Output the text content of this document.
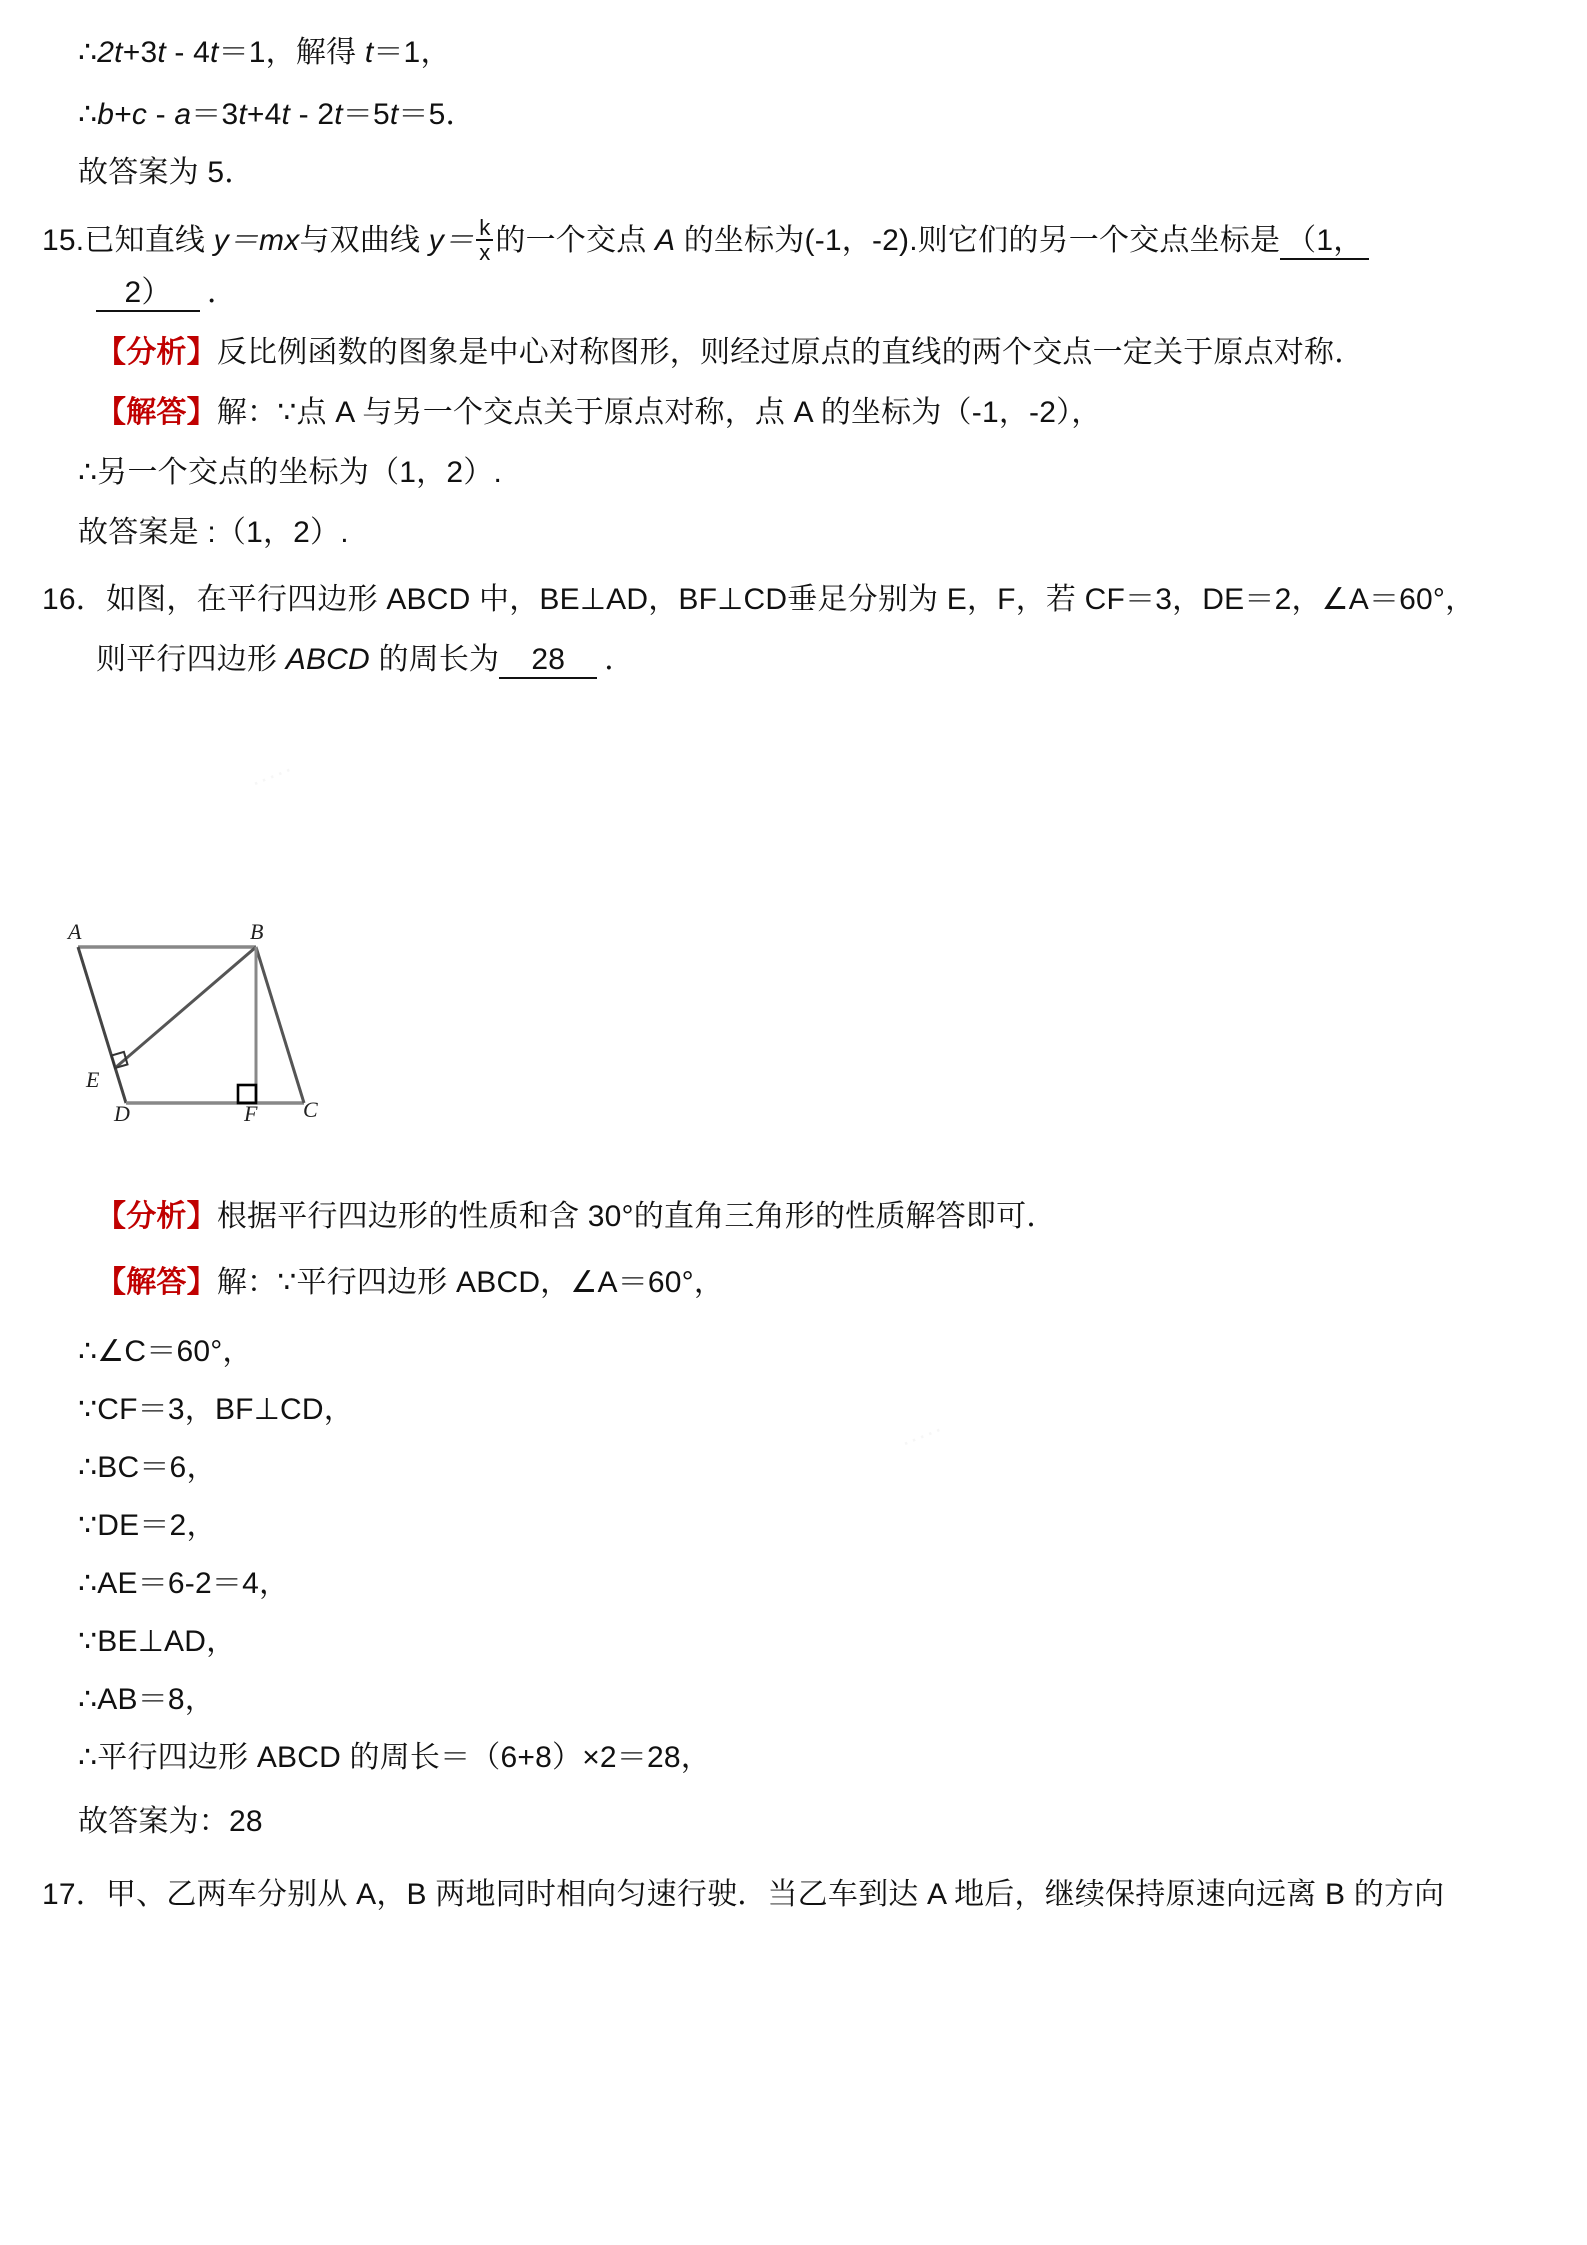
∴2t+3t - 4t＝1，解得 t＝1，
∴b+c - a＝3t+4t - 2t＝5t＝5．
故答案为 5．
15.已知直线 y＝mx与双曲线 $y= \frac{k}{x}$ 的一个交点 A 的坐标为(‑1，‑2).则它们的另一个交点坐标是 （1，
2） ．
【分析】反比例函数的图象是中心对称图形，则经过原点的直线的两个交点一定关于原点对称．
【解答】解：∵点 A 与另一个交点关于原点对称，点 A 的坐标为（‑1，‑2），
∴另一个交点的坐标为（1，2）.
故答案是 :（1，2）.
16．如图，在平行四边形 ABCD 中，BE⊥AD，BF⊥CD垂足分别为 E，F，若 CF＝3，DE＝2，∠A＝60°，
则平行四边形 ABCD 的周长为 28 ．
A	B
C
D
E
F
【分析】根据平行四边形的性质和含 30°的直角三角形的性质解答即可．
【解答】解：∵平行四边形 ABCD，∠A＝60°，
∴∠C＝60°，
∵CF＝3，BF⊥CD，
∴BC＝6，
∵DE＝2，
∴AE＝6‑2＝4，
∵BE⊥AD，
∴AB＝8，
∴平行四边形 ABCD 的周长＝（6+8）×2＝28，
故答案为：28
17．甲、乙两车分别从 A，B 两地同时相向匀速行驶．当乙车到达 A 地后，继续保持原速向远离 B 的方向
